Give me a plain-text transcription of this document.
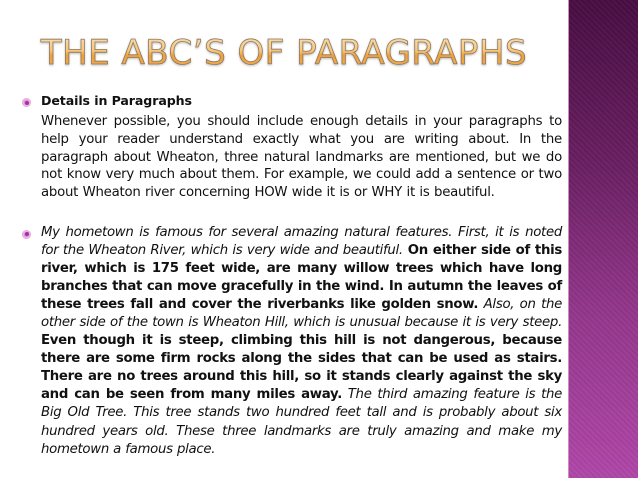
THE ABC’S OF PARAGRAPHS
Details in Paragraphs
Whenever possible, you should include enough details in your paragraphs to help your reader understand exactly what you are writing about. In the paragraph about Wheaton, three natural landmarks are mentioned, but we do not know very much about them. For example, we could add a sentence or two about Wheaton river concerning HOW wide it is or WHY it is beautiful.
My hometown is famous for several amazing natural features. First, it is noted for the Wheaton River, which is very wide and beautiful. On either side of this river, which is 175 feet wide, are many willow trees which have long branches that can move gracefully in the wind. In autumn the leaves of these trees fall and cover the riverbanks like golden snow. Also, on the other side of the town is Wheaton Hill, which is unusual because it is very steep. Even though it is steep, climbing this hill is not dangerous, because there are some firm rocks along the sides that can be used as stairs. There are no trees around this hill, so it stands clearly against the sky and can be seen from many miles away. The third amazing feature is the Big Old Tree. This tree stands two hundred feet tall and is probably about six hundred years old. These three landmarks are truly amazing and make my hometown a famous place.
